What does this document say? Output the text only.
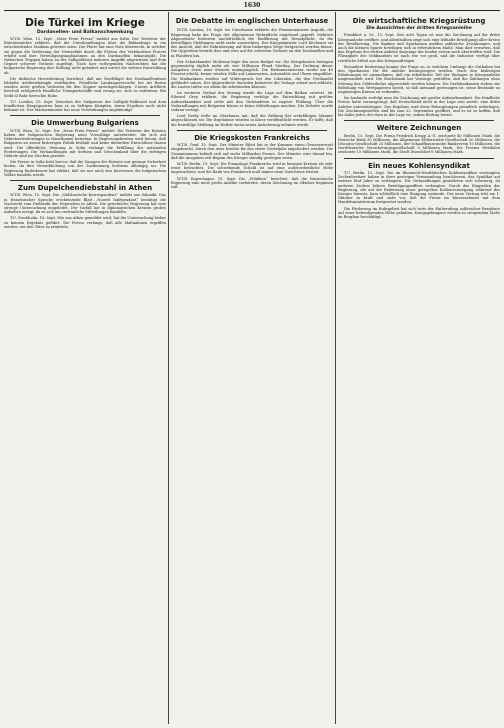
1630
Die Türkei im Kriege
Dardanellen- und Balkanschwenkung

W.T.B. Wien, 15. Sept. „Neue Freie Presse“ meldet aus Sofia: Der Vertreter der Ententemächte erklärte, daß die Unterhandlungen über die Balkanfrage in ein entscheidendes Stadium getreten seien. Die Pforte hat eine Note überreicht, in welcher sie gegen die Verletzung der Neutralität durch die Flotten der Verbündeten Protest erhebt und ihre Verteidigungsmaßnahmen an den Dardanellen bekanntgibt. Die türkischen Truppen haben an der Gallipolifront mehrere Angriffe abgewiesen und dem Gegner schwere Verluste zugefügt. Nach hier vorliegenden Nachrichten hat die bulgarische Regierung ihre Haltung nicht geändert und wartet die weitere Entwicklung ab.

Die türkische Heeresleitung berichtet, daß am Nordflügel der Dardanellenfront lebhafte Artilleriekämpfe stattfanden. Feindliche Landungsversuche bei Ari Burnu wurden unter großen Verlusten für den Gegner zurückgeschlagen. Unsere Artillerie beschoß erfolgreich feindliche Transportschiffe und zwang sie, sich zu entfernen. Bei Sedd ül Bahr herrschte Ruhe.

T.U. London, 15. Sept. Zwischen der Südgrenze der Gallipoli-Halbinsel und dem feindlichen Hauptquartier kam es zu heftigen Kämpfen, deren Ergebnis noch nicht bekannt ist. Der Marineminister hat neue Verstärkungen angekündigt.

Die Umwerbung Bulgariens

W.T.B. Wien, 15. Sept. Die „Neue Freie Presse“ meldet: Die Vertreter der Entente haben der bulgarischen Regierung neue Vorschläge unterbreitet, die sich auf Gebietserweiterungen in Mazedonien beziehen. In Regierungskreisen wird betont, daß Bulgarien an seiner bisherigen Politik festhält und keine übereilten Entschlüsse fassen wird. Die öffentliche Meinung in Sofia verlangt die Erfüllung der nationalen Forderungen. Die Verhandlungen mit Serbien und Griechenland über die strittigen Gebiete sind ins Stocken geraten.

Die Presse in Sofia hebt hervor, daß die Zusagen der Entente nur geringe Sicherheit bieten, da ihre Verwirklichung von der Zustimmung Serbiens abhängig sei. Die Regierung Radoslawow hat erklärt, daß sie nur nach den Interessen des bulgarischen Volkes handeln werde.

Zum Dupelchendiebstahl in Athen

W.T.B. Wien, 15. Sept. Die „Südslawische Korrespondenz“ meldet aus Saloniki: Das in französischer Sprache erscheinende Blatt „Nouvel Indépendant“ bestätigt die Nachricht vom Diebstahl der Depeschen in Athen. Die griechische Regierung hat eine strenge Untersuchung eingeleitet. Der Vorfall hat in diplomatischen Kreisen großes Aufsehen erregt, da es sich um vertrauliche Mitteilungen handelte.

T.U. Stockholm, 16. Sept. Wie aus Athen gemeldet wird, hat die Untersuchung bisher zu keinem Ergebnis geführt. Die Presse verlangt, daß alle Maßnahmen ergriffen werden, um den Täter zu ermitteln.

Die Debatte im englischen Unterhause

W.T.B. London, 16. Sept. Im Unterhause erklärte der Premierminister Asquith, die Regierung habe die Frage der allgemeinen Wehrpflicht eingehend geprüft. Mehrere Abgeordnete forderten nachdrücklich die Einführung der Dienstpflicht, da die freiwilligen Meldungen nicht mehr ausreichten. Der Kriegsminister Lord Kitchener sei der Ansicht, daß die Rekrutierung auf dem bisherigen Wege fortgesetzt werden könne. Die Opposition bestritt dies und wies auf die schweren Verluste an den Dardanellen und in Flandern hin.

Der Schatzkanzler McKenna legte das neue Budget vor. Die Kriegskosten betragen gegenwärtig täglich mehr als vier Millionen Pfund Sterling. Zur Deckung dieser Ausgaben seien neue Steuern unumgänglich. Die Einkommensteuer werde um 40 Prozent erhöht, ferner würden Zölle auf Luxuswaren, Automobile und Uhren eingeführt. Die Maßnahmen stießen auf Widerspruch bei den Liberalen, die den Freihandel gefährdet sahen. Der Abgeordnete Snowden kritisierte die Vorlage scharf und erklärte, die Lasten träfen vor allem die arbeitenden Klassen.

Im weiteren Verlauf der Sitzung wurde die Lage auf dem Balkan erörtert. Sir Edward Grey erklärte, die Regierung verfolge die Entwicklung mit größter Aufmerksamkeit und stehe mit den Verbündeten in engster Fühlung. Über die Verhandlungen mit Bulgarien könne er keine Mitteilungen machen. Die Debatte wurde sodann vertagt.

Lord Derby teilte im Oberhause mit, daß die Zählung der wehrfähigen Männer abgeschlossen sei. Die Ergebnisse würden in Kürze veröffentlicht werden. Er hoffe, daß die freiwillige Meldung im Herbst einen neuen Aufschwung nehmen werde.

Die Kriegskosten Frankreichs

W.T.B. Genf, 15. Sept. Der Minister Ribot hat in der Kammer einen Gesetzentwurf eingebracht, durch den neue Kredite für das vierte Vierteljahr angefordert werden. Die Gesamtsumme beläuft sich auf sechs Milliarden Francs. Der Minister wies darauf hin, daß die Ausgaben seit Beginn des Krieges ständig gestiegen seien.

W.T.B. Berlin, 15. Sept. Die Finanzlage Frankreichs wird in hiesigen Kreisen als sehr ernst betrachtet. Die schwebende Schuld ist auf eine außerordentliche Höhe angewachsen, und die Bank von Frankreich muß immer neue Vorschüsse leisten.

W.T.B. Kopenhagen, 15. Sept. Die „Politiken“ berichtet, daß die französische Regierung eine neue große Anleihe vorbereite, deren Zeichnung im Oktober beginnen soll.

Die wirtschaftliche Kriegsrüstung
Die Aussichten der dritten Kriegsanleihe

Frankfurt a. M., 15. Sept. Seit acht Tagen ist nun die Zeichnung auf die dritte Kriegsanleihe eröffnet, und allenthalben zeigt sich eine lebhafte Beteiligung aller Kreise der Bevölkerung. Die Banken und Sparkassen melden zahlreiche Zeichnungen, und auch die kleinen Sparer beteiligen sich in erfreulichem Maße. Man darf erwarten, daß das Ergebnis der dritten Anleihe dasjenige der beiden ersten noch übertreffen wird. Die Flüssigkeit des Geldmarktes ist nach wie vor groß, und die Industrie verfügt über reichliche Mittel aus den Kriegsaufträgen.

Besondere Bedeutung kommt der Frage zu, in welchem Umfange die Guthaben bei den Sparkassen für die Anleihe herangezogen werden. Nach den bisherigen Erfahrungen ist anzunehmen, daß ein erheblicher Teil der Einlagen in Kriegsanleihe umgewandelt wird. Die Reichsbank hat Vorsorge getroffen, daß die Zahlungen ohne Störung des Geldverkehrs abgewickelt werden können. Die Darlehnskassen stehen zur Beleihung von Wertpapieren bereit, so daß niemand gezwungen ist, seine Bestände zu ungünstigen Kursen zu verkaufen.

Im Auslande verfolgt man die Zeichnung mit großer Aufmerksamkeit. Die feindliche Presse hatte vorausgesagt, daß Deutschland nicht in der Lage sein werde, eine dritte Anleihe unterzubringen. Das Ergebnis wird diese Behauptungen gründlich widerlegen. Die Zeichnungsstellen sind bis zum 22. September geöffnet, und es ist zu hoffen, daß bis dahin jeder, der dazu in der Lage ist, seinen Beitrag leistet.

Weitere Zeichnungen

Berlin, 15. Sept. Die Firma Friedrich Krupp A.-G. zeichnete 40 Millionen Mark, die Deutsche Bank 30 Millionen, die Allgemeine Elektricitäts-Gesellschaft 20 Millionen, die Disconto-Gesellschaft 25 Millionen, der Schaaffhausensche Bankverein 10 Millionen, die Norddeutsche Versicherungsgesellschaft 5 Millionen Mark. Die Provinz Westfalen zeichnete 15 Millionen Mark, die Stadt Düsseldorf 8 Millionen Mark.

Ein neues Kohlensyndikat

T.U. Berlin, 15. Sept. Die im Rheinisch-Westfälischen Kohlensyndikat vereinigten Zechenbesitzer haben in ihrer gestrigen Versammlung beschlossen, das Syndikat auf weitere fünf Jahre zu verlängern. Die Verhandlungen gestalteten sich schwierig, da mehrere Zechen höhere Beteiligungsziffern verlangten. Durch das Eingreifen der Regierung, die auf die Bedeutung einer geregelten Kohlenversorgung während des Krieges hinwies, kam schließlich eine Einigung zustande. Der neue Vertrag tritt am 1. Oktober in Kraft und sieht vor, daß die Preise im Einvernehmen mit dem Handelsministerium festgesetzt werden.

Die Förderung im Ruhrgebiet hat sich trotz der Einberufung zahlreicher Bergleute auf einer befriedigenden Höhe gehalten. Kriegsgefangene werden in steigendem Maße im Bergbau beschäftigt.
